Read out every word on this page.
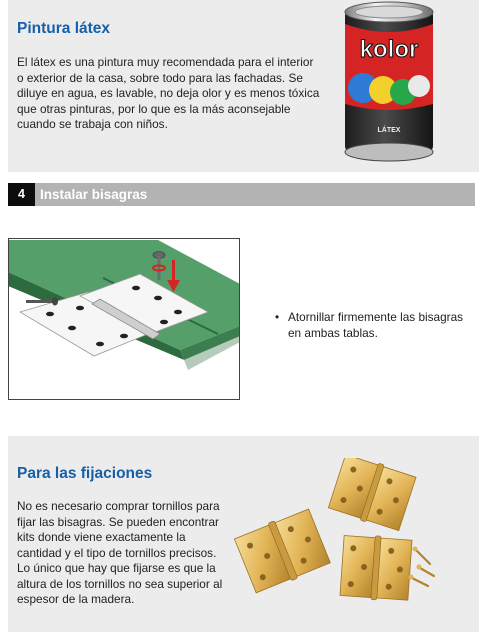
Pintura látex

El látex es una pintura muy recomendada para el interior o exterior de la casa, sobre todo para las fachadas. Se diluye en agua, es lavable, no deja olor y es menos tóxica que otras pinturas, por lo que es la más aconsejable cuando se trabaja con niños.

kolor
LÁTEX
4	Instalar bisagras
• Atornillar firmemente las bisagras en ambas tablas.
Para las fijaciones

No es necesario comprar tornillos para fijar las bisagras. Se pueden encontrar kits donde viene exactamente la cantidad y el tipo de tornillos precisos. Lo único que hay que fijarse es que la altura de los tornillos no sea superior al espesor de la madera.
